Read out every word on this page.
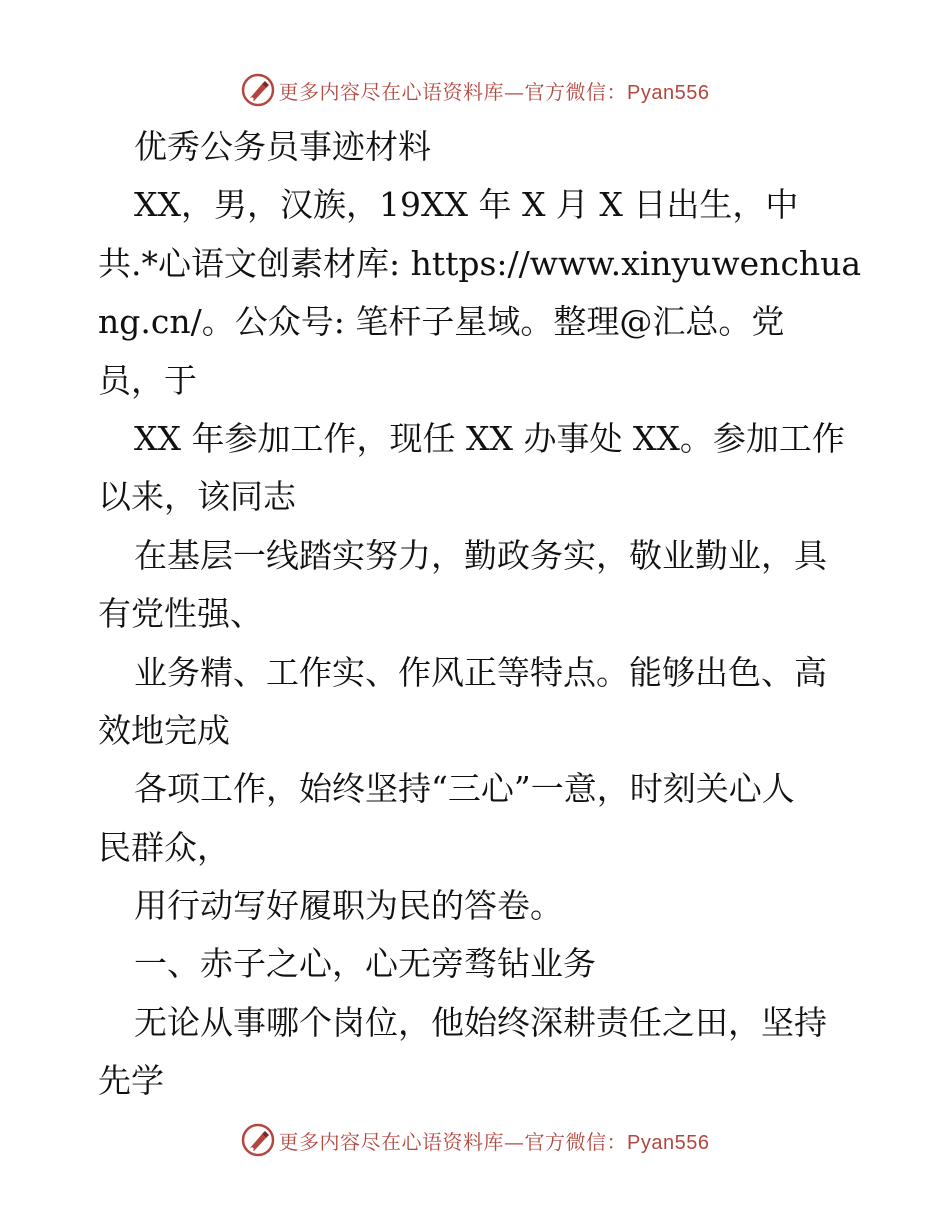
更多内容尽在心语资料库—官方微信：Pyan556
优秀公务员事迹材料
XX，男，汉族，19XX 年 X 月 X 日出生，中
共.*心语文创素材库: https://www.xinyuwenchua
ng.cn/。公众号: 笔杆子星域。整理@汇总。党
员，于
XX 年参加工作，现任 XX 办事处 XX。参加工作
以来，该同志
在基层一线踏实努力，勤政务实，敬业勤业，具
有党性强、
业务精、工作实、作风正等特点。能够出色、高
效地完成
各项工作，始终坚持“三心”一意，时刻关心人
民群众，
用行动写好履职为民的答卷。
一、赤子之心，心无旁骛钻业务
无论从事哪个岗位，他始终深耕责任之田，坚持
先学
更多内容尽在心语资料库—官方微信：Pyan556
